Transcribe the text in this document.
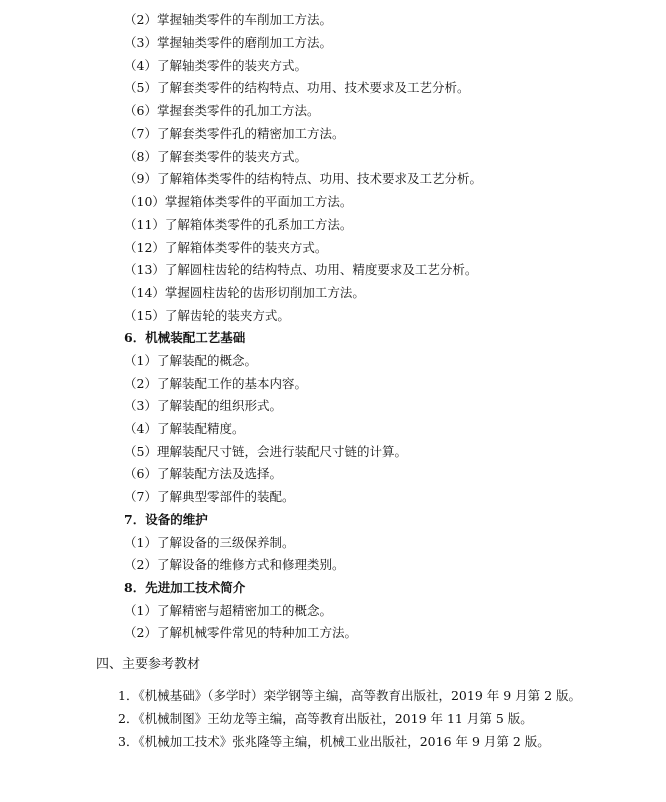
（2）掌握轴类零件的车削加工方法。
（3）掌握轴类零件的磨削加工方法。
（4）了解轴类零件的装夹方式。
（5）了解套类零件的结构特点、功用、技术要求及工艺分析。
（6）掌握套类零件的孔加工方法。
（7）了解套类零件孔的精密加工方法。
（8）了解套类零件的装夹方式。
（9）了解箱体类零件的结构特点、功用、技术要求及工艺分析。
（10）掌握箱体类零件的平面加工方法。
（11）了解箱体类零件的孔系加工方法。
（12）了解箱体类零件的装夹方式。
（13）了解圆柱齿轮的结构特点、功用、精度要求及工艺分析。
（14）掌握圆柱齿轮的齿形切削加工方法。
（15）了解齿轮的装夹方式。
6．机械装配工艺基础
（1）了解装配的概念。
（2）了解装配工作的基本内容。
（3）了解装配的组织形式。
（4）了解装配精度。
（5）理解装配尺寸链，会进行装配尺寸链的计算。
（6）了解装配方法及选择。
（7）了解典型零部件的装配。
7．设备的维护
（1）了解设备的三级保养制。
（2）了解设备的维修方式和修理类别。
8．先进加工技术简介
（1）了解精密与超精密加工的概念。
（2）了解机械零件常见的特种加工方法。
四、主要参考教材
1．《机械基础》（多学时）栾学钢等主编，高等教育出版社，2019 年 9 月第 2 版。
2．《机械制图》王幼龙等主编，高等教育出版社，2019 年 11 月第 5 版。
3．《机械加工技术》张兆隆等主编，机械工业出版社，2016 年 9 月第 2 版。
